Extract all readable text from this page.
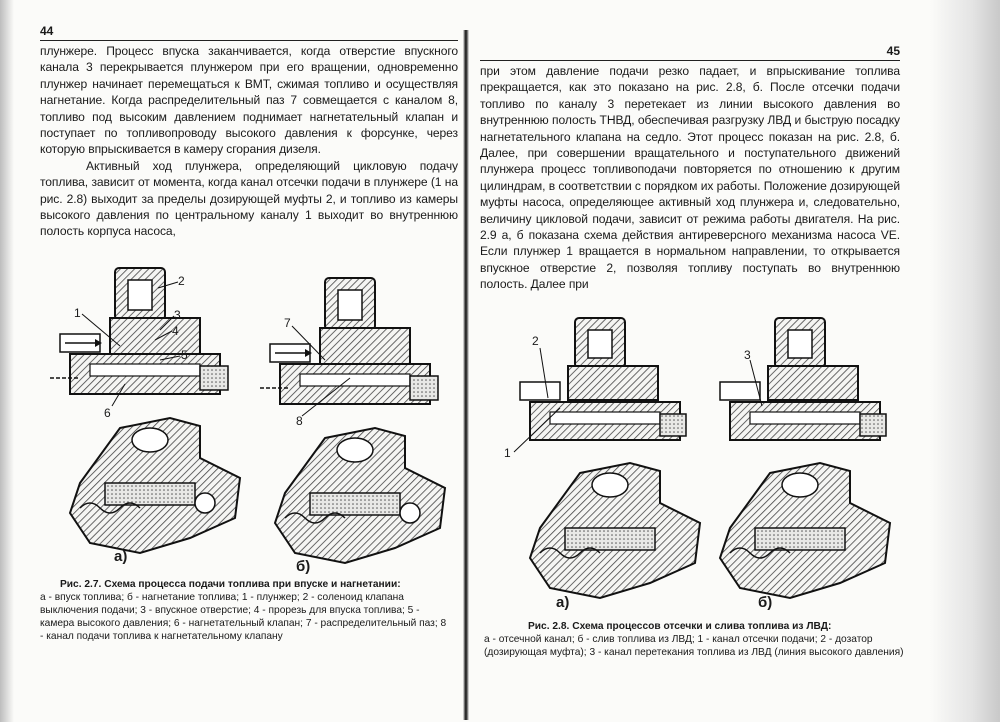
44

плунжере. Процесс впуска заканчивается, когда отверстие впускного канала 3 перекрывается плунжером при его вращении, одновременно плунжер начинает перемещаться к ВМТ, сжимая топливо и осуществляя нагнетание. Когда распределительный паз 7 совмещается с каналом 8, топливо под высоким давлением поднимает нагнетательный клапан и поступает по топливопроводу высокого давления к форсунке, через которую впрыскивается в камеру сгорания дизеля.

Активный ход плунжера, определяющий цикловую подачу топлива, зависит от момента, когда канал отсечки подачи в плунжере (1 на рис. 2.8) выходит за пределы дозирующей муфты 2, и топливо из камеры высокого давления по центральному каналу 1 выходит во внутреннюю полость корпуса насоса,

1
2
3
4
5
6
7
8
а)
б)
Рис. 2.7. Схема процесса подачи топлива при впуске и нагнетании:
а - впуск топлива; б - нагнетание топлива; 1 - плунжер; 2 - соленоид клапана выключения подачи; 3 - впускное отверстие; 4 - прорезь для впуска топлива; 5 - камера высокого давления; 6 - нагнетательный клапан; 7 - распределительный паз; 8 - канал подачи топлива к нагнетательному клапану
45

при этом давление подачи резко падает, и впрыскивание топлива прекращается, как это показано на рис. 2.8, б. После отсечки подачи топливо по каналу 3 перетекает из линии высокого давления во внутреннюю полость ТНВД, обеспечивая разгрузку ЛВД и быструю посадку нагнетательного клапана на седло. Этот процесс показан на рис. 2.8, б. Далее, при совершении вращательного и поступательного движений плунжера процесс топливоподачи повторяется по отношению к другим цилиндрам, в соответствии с порядком их работы. Положение дозирующей муфты насоса, определяющее активный ход плунжера и, следовательно, величину цикловой подачи, зависит от режима работы двигателя. На рис. 2.9 а, б показана схема действия антиреверсного механизма насоса VE. Если плунжер 1 вращается в нормальном направлении, то открывается впускное отверстие 2, позволяя топливу поступать во внутреннюю полость. Далее при

2
1
3
а)	б)
Рис. 2.8. Схема процессов отсечки и слива топлива из ЛВД:
а - отсечной канал; б - слив топлива из ЛВД; 1 - канал отсечки подачи; 2 - дозатор (дозирующая муфта); 3 - канал перетекания топлива из ЛВД (линия высокого давления)
